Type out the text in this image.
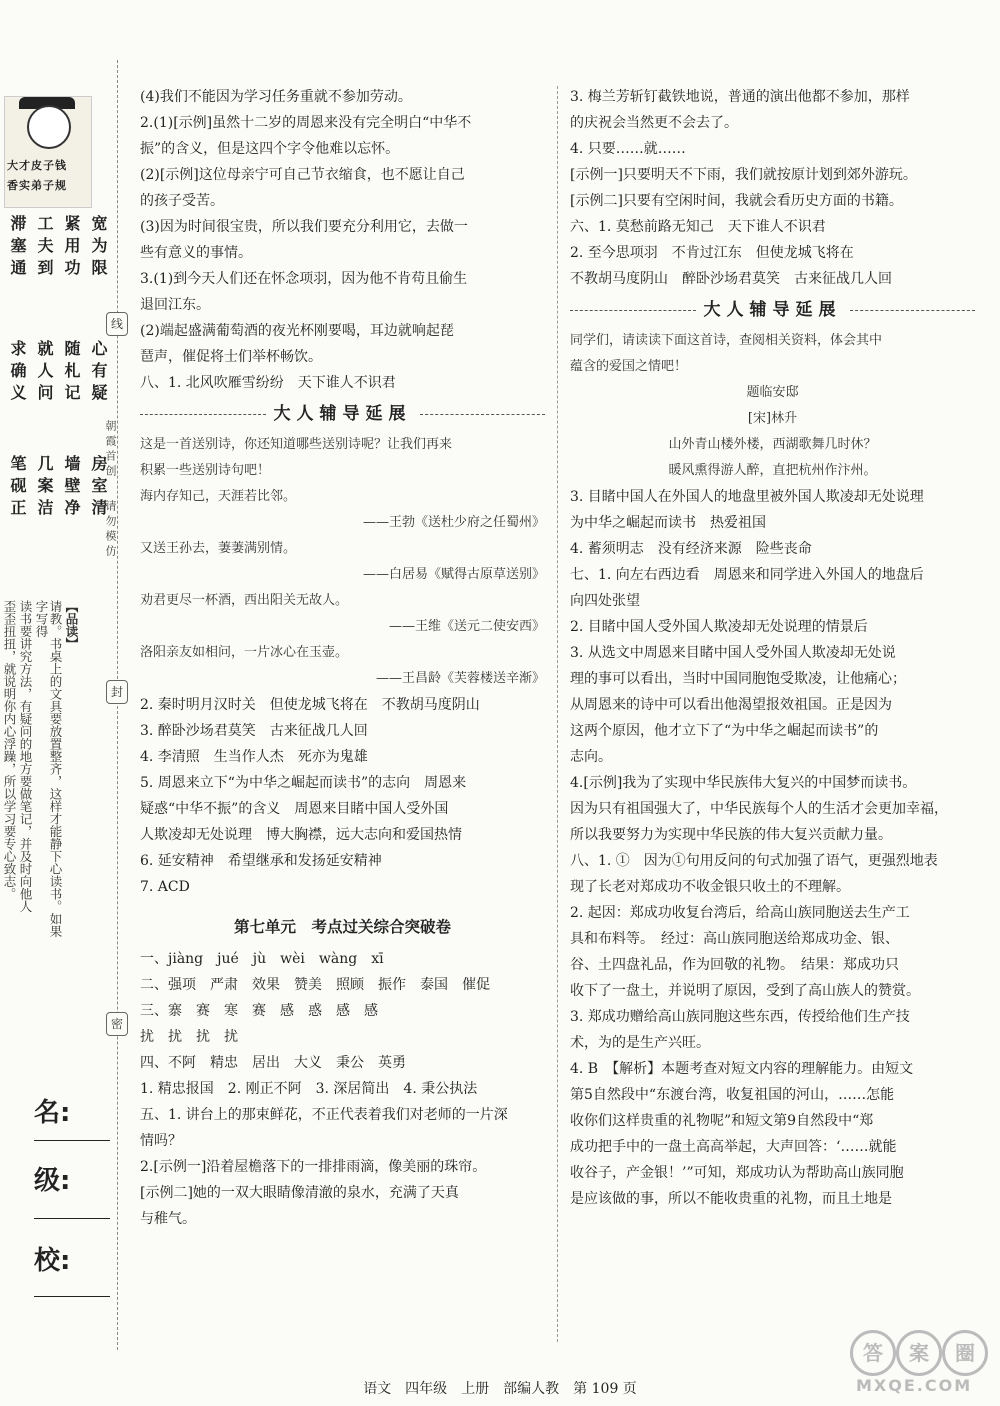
大才皮子钱
香实弟子规
宽为限
紧用功
工夫到
滞塞通
心有疑
随札记
就人问
求确义
房室清
墙壁净
几案洁
笔砚正
【品读】
请教。书桌上的文具要放置整齐，这样才能静下心读书。如果字写得
读书要讲究方法，有疑问的地方要做笔记，并及时向他人
歪歪扭扭，就说明你内心浮躁，所以学习要专心致志。
线
朝霞首创
请勿模仿
封
密
名:
级:
校:

(4)我们不能因为学习任务重就不参加劳动。

2.(1)[示例]虽然十二岁的周恩来没有完全明白“中华不

振”的含义，但是这四个字令他难以忘怀。

(2)[示例]这位母亲宁可自己节衣缩食，也不愿让自己

的孩子受苦。

(3)因为时间很宝贵，所以我们要充分利用它，去做一

些有意义的事情。

3.(1)到今天人们还在怀念项羽，因为他不肯苟且偷生

退回江东。

(2)端起盛满葡萄酒的夜光杯刚要喝，耳边就响起琵

琶声，催促将士们举杯畅饮。

八、1. 北风吹雁雪纷纷　天下谁人不识君

大人辅导延展

这是一首送别诗，你还知道哪些送别诗呢？让我们再来

积累一些送别诗句吧！

海内存知己，天涯若比邻。

——王勃《送杜少府之任蜀州》

又送王孙去，萋萋满别情。

——白居易《赋得古原草送别》

劝君更尽一杯酒，西出阳关无故人。

——王维《送元二使安西》

洛阳亲友如相问，一片冰心在玉壶。

——王昌龄《芙蓉楼送辛渐》

2. 秦时明月汉时关　但使龙城飞将在　不教胡马度阴山

3. 醉卧沙场君莫笑　古来征战几人回

4. 李清照　生当作人杰　死亦为鬼雄

5. 周恩来立下“为中华之崛起而读书”的志向　周恩来

疑惑“中华不振”的含义　周恩来目睹中国人受外国

人欺凌却无处说理　博大胸襟，远大志向和爱国热情

6. 延安精神　希望继承和发扬延安精神

7. ACD

第七单元　考点过关综合突破卷

一、jiàng　jué　jù　wèi　wàng　xī

二、强项　严肃　效果　赞美　照顾　振作　泰国　催促

三、寨　赛　寒　赛　感　惑　感　感

扰　扰　扰　扰

四、不阿　精忠　居出　大义　秉公　英勇

1. 精忠报国　2. 刚正不阿　3. 深居简出　4. 秉公执法

五、1. 讲台上的那束鲜花，不正代表着我们对老师的一片深

情吗？

2.[示例一]沿着屋檐落下的一排排雨滴，像美丽的珠帘。

[示例二]她的一双大眼睛像清澈的泉水，充满了天真

与稚气。

3. 梅兰芳斩钉截铁地说，普通的演出他都不参加，那样

的庆祝会当然更不会去了。

4. 只要……就……

[示例一]只要明天不下雨，我们就按原计划到郊外游玩。

[示例二]只要有空闲时间，我就会看历史方面的书籍。

六、1. 莫愁前路无知己　天下谁人不识君

2. 至今思项羽　不肯过江东　但使龙城飞将在

不教胡马度阴山　醉卧沙场君莫笑　古来征战几人回

大人辅导延展

同学们，请读读下面这首诗，查阅相关资料，体会其中

蕴含的爱国之情吧！

题临安邸

[宋]林升

山外青山楼外楼，西湖歌舞几时休？

暖风熏得游人醉，直把杭州作汴州。

3. 目睹中国人在外国人的地盘里被外国人欺凌却无处说理

为中华之崛起而读书　热爱祖国

4. 蓄须明志　没有经济来源　险些丧命

七、1. 向左右西边看　周恩来和同学进入外国人的地盘后

向四处张望

2. 目睹中国人受外国人欺凌却无处说理的情景后

3. 从选文中周恩来目睹中国人受外国人欺凌却无处说

理的事可以看出，当时中国同胞饱受欺凌，让他痛心；

从周恩来的诗中可以看出他渴望报效祖国。正是因为

这两个原因，他才立下了“为中华之崛起而读书”的

志向。

4.[示例]我为了实现中华民族伟大复兴的中国梦而读书。

因为只有祖国强大了，中华民族每个人的生活才会更加幸福，

所以我要努力为实现中华民族的伟大复兴贡献力量。

八、1. ①　因为①句用反问的句式加强了语气，更强烈地表

现了长老对郑成功不收金银只收土的不理解。

2. 起因：郑成功收复台湾后，给高山族同胞送去生产工

具和布料等。　经过：高山族同胞送给郑成功金、银、

谷、土四盘礼品，作为回敬的礼物。　结果：郑成功只

收下了一盘土，并说明了原因，受到了高山族人的赞赏。

3. 郑成功赠给高山族同胞这些东西，传授给他们生产技

术，为的是生产兴旺。

4. B　【解析】本题考查对短文内容的理解能力。由短文

第5自然段中“东渡台湾，收复祖国的河山，……怎能

收你们这样贵重的礼物呢”和短文第9自然段中“郑

成功把手中的一盘土高高举起，大声回答：‘……就能

收谷子，产金银！’”可知，郑成功认为帮助高山族同胞

是应该做的事，所以不能收贵重的礼物，而且土地是

语文　四年级　上册　部编人教　第 109 页
答	案	圈
MXQE.COM
